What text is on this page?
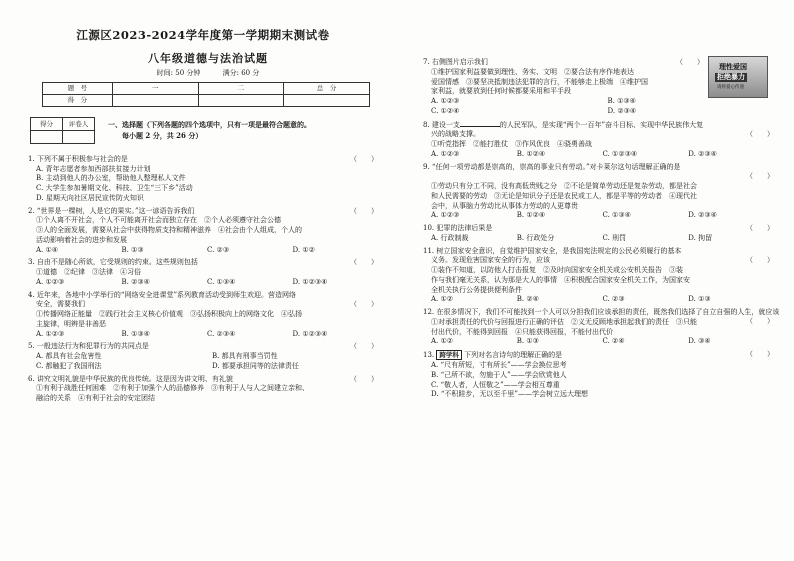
江源区2023-2024学年度第一学期期末测试卷
八年级道德与法治试题
时间: 50 分钟	满分: 60 分
题　号	一	二	总　分
得　分			
得分	评卷人
		一、选择题（下列各题的四个选项中，只有一项是最符合题意的。
每小题 2 分，共 26 分）

1. 下列不属于积极参与社会的是	（　　）

A. 青年志愿者参加西部扶贫接力计划

B. 主动到他人的办公室，帮助他人整理私人文件

C. 大学生参加暑期文化、科技、卫生“三下乡”活动

D. 星期天向社区居民宣传防火知识

2. “世界是一棵树，人是它的果实。”这一谚语告诉我们	（　　）

①个人离不开社会，个人不可能离开社会而独立存在　②个人必须遵守社会公德

③人的全面发展，需要从社会中获得物质支持和精神滋养　④社会由个人组成，个人的

活动影响着社会的进步和发展

A. ①④	B. ①③	C. ②③	D. ①②

3. 自由不是随心所欲，它受规则的约束。这些规则包括	（　　）

①道德　②纪律　③法律　④习俗

A. ①②③	B. ②③④	C. ①③④	D. ①②③④

4. 近年来，各地中小学举行的“网络安全进课堂”系列教育活动受到师生欢迎。营造网络

安全，需要我们	（　　）

①传播网络正能量　②践行社会主义核心价值观　③弘扬积极向上的网络文化　④弘扬

主旋律，明辨是非善恶

A. ①②③	B. ①③④	C. ②③④	D. ①②③④

5. 一般违法行为和犯罪行为的共同点是	（　　）

A. 都具有社会危害性	B. 都具有刑事当罚性
C. 都触犯了我国刑法	D. 都要承担同等的法律责任

6. 讲究文明礼貌是中华民族的优良传统。这是因为讲文明、有礼貌	（　　）

①有利于战胜任何困难　②有利于加强个人的品德修养　③有利于人与人之间建立亲和、

融洽的关系　④有利于社会的安定团结

理性爱国
拒绝暴力
请将爱心传递

7. 右侧图片启示我们	（　　）

①维护国家利益要做到理性、务实、文明　②要合法有序作地表达

爱国情感　③要坚决抵制违法犯罪的言行，不能够走上极端　④维护国

家利益，就要放到任何时候都要采用和平手段

A. ①②③	B. ①③④
C. ①②④	D. ②③④

8. 建设一支	的人民军队，是实现“两个一百年”奋斗目标、实现中华民族伟大复

兴的战略支撑。	（　　）

①听党指挥　②能打胜仗　③作风优良　④骁勇善战

A. ①②③	B. ①②④	C. ①②③④	D. ②③④

9. “任何一项劳动都是崇高的，崇高的事业只有劳动。”对卡莱尔这句话理解正确的是

（　　）

①劳动只有分工不同，没有高低贵贱之分　②不论是简单劳动还是复杂劳动，都是社会

和人民需要的劳动　③无论是知识分子还是农民或工人，都是平等的劳动者　④现代社

会中，从事脑力劳动比从事体力劳动的人更尊贵

A. ①②③	B. ①②④	C. ①③④	D. ②③④

10. 犯罪的法律后果是	（　　）

A. 行政制裁	B. 行政处分	C. 刑罚	D. 拘留

11. 树立国家安全意识，自觉维护国家安全，是我国宪法规定的公民必须履行的基本

义务。发现危害国家安全的行为，应该	（　　）

①装作不知道，以防他人打击报复　②及时向国家安全机关或公安机关报告　③装

作与我们毫无关系，认为那是大人的事情　④积极配合国家安全机关工作，为国家安

全机关执行公务提供便利条件

A. ①②	B. ②④	C. ②③	D. ①③

12. 在很多情况下，我们不可能找到一个人可以分担我们应该承担的责任，既然我们选择了自立自强的人生，就应该
（　　）

①对承担责任的代价与回报进行正确的评估　②义无反顾地承担起我们的责任　③只能

付出代价，不能得到回报　④只能获得回报，不能付出代价

A. ①②	B. ①③	C. ②④	D. ③④

13. 跨学科 下列对名言诗句的理解正确的是	（　　）

A. “尺有所短，寸有所长”——学会换位思考

B. “己所不欲，勿施于人”——学会欣赏他人

C. “敬人者，人恒敬之”——学会相互尊重

D. “不积跬步，无以至千里”——学会树立远大理想
